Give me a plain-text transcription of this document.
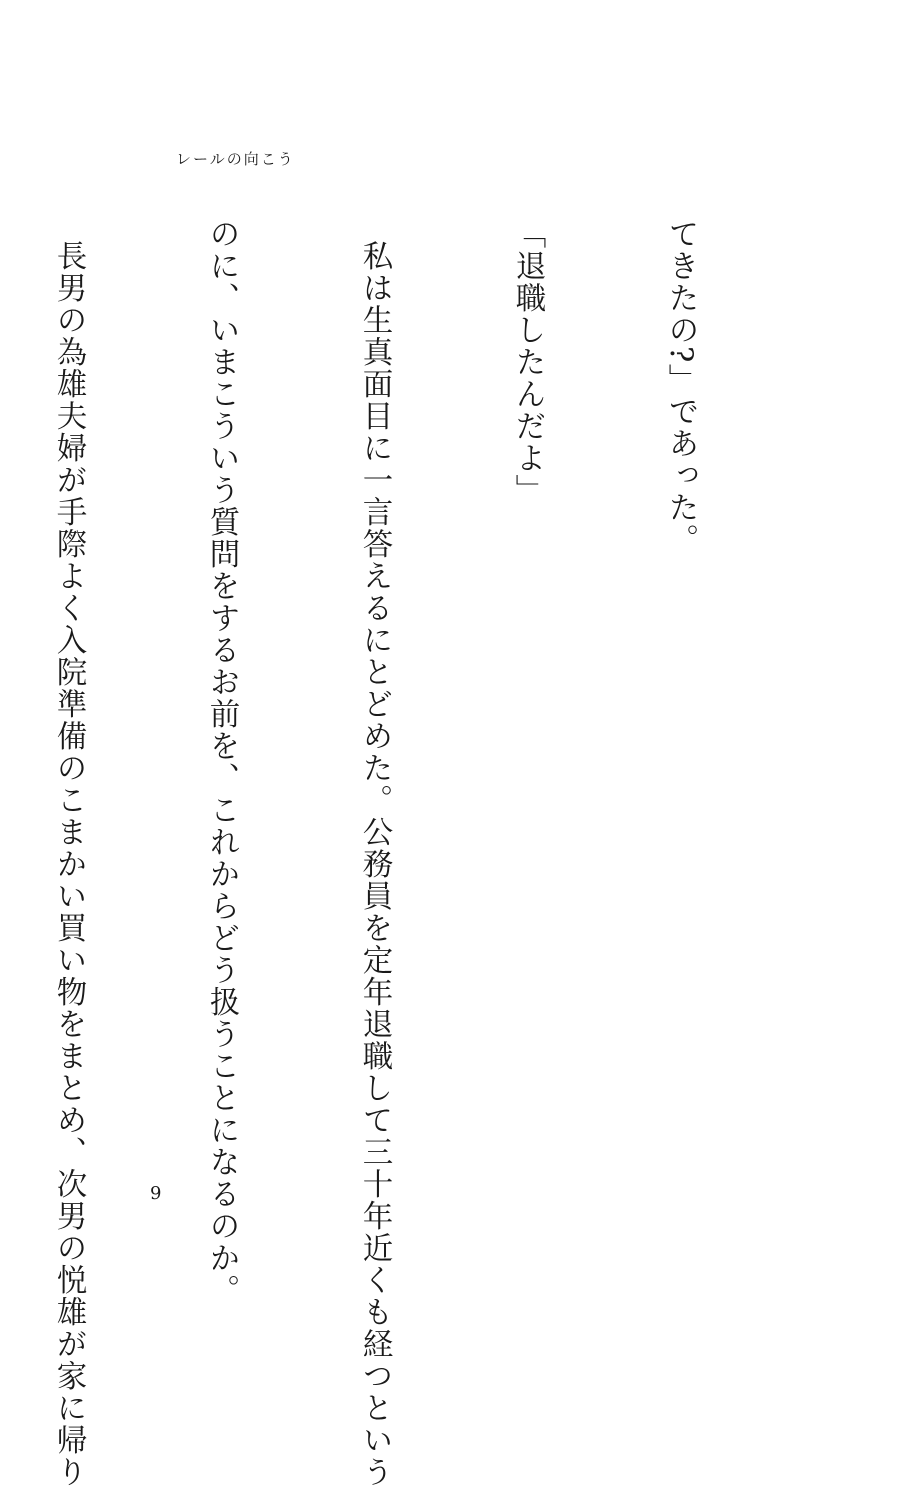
レールの向こう

てきたの?」であった。

「退職したんだよ」

私は生真面目に一言答えるにとどめた。公務員を定年退職して三十年近くも経つという

のに、いまこういう質問をするお前を、これからどう扱うことになるのか。

長男の為雄夫婦が手際よく入院準備のこまかい買い物をまとめ、次男の悦雄が家に帰り

	9
